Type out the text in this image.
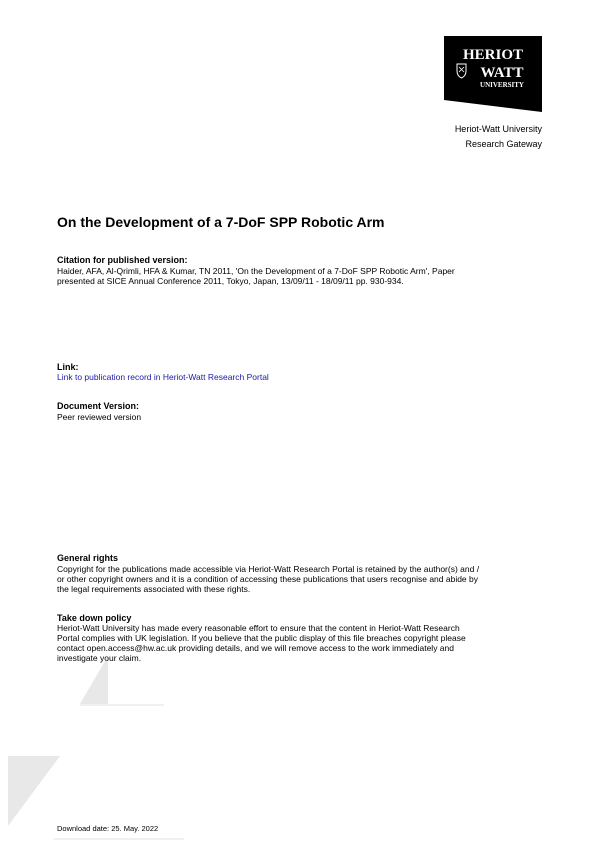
HERIOT
WATT
UNIVERSITY
Heriot-Watt University
Research Gateway
On the Development of a 7-DoF SPP Robotic Arm
Citation for published version:
Haider, AFA, Al-Qrimli, HFA & Kumar, TN 2011, 'On the Development of a 7-DoF SPP Robotic Arm', Paper
presented at SICE Annual Conference 2011, Tokyo, Japan, 13/09/11 - 18/09/11 pp. 930-934.
Link:
Link to publication record in Heriot-Watt Research Portal
Document Version:
Peer reviewed version
General rights
Copyright for the publications made accessible via Heriot-Watt Research Portal is retained by the author(s) and /
or other copyright owners and it is a condition of accessing these publications that users recognise and abide by
the legal requirements associated with these rights.
Take down policy
Heriot-Watt University has made every reasonable effort to ensure that the content in Heriot-Watt Research
Portal complies with UK legislation. If you believe that the public display of this file breaches copyright please
contact open.access@hw.ac.uk providing details, and we will remove access to the work immediately and
investigate your claim.
Download date: 25. May. 2022
